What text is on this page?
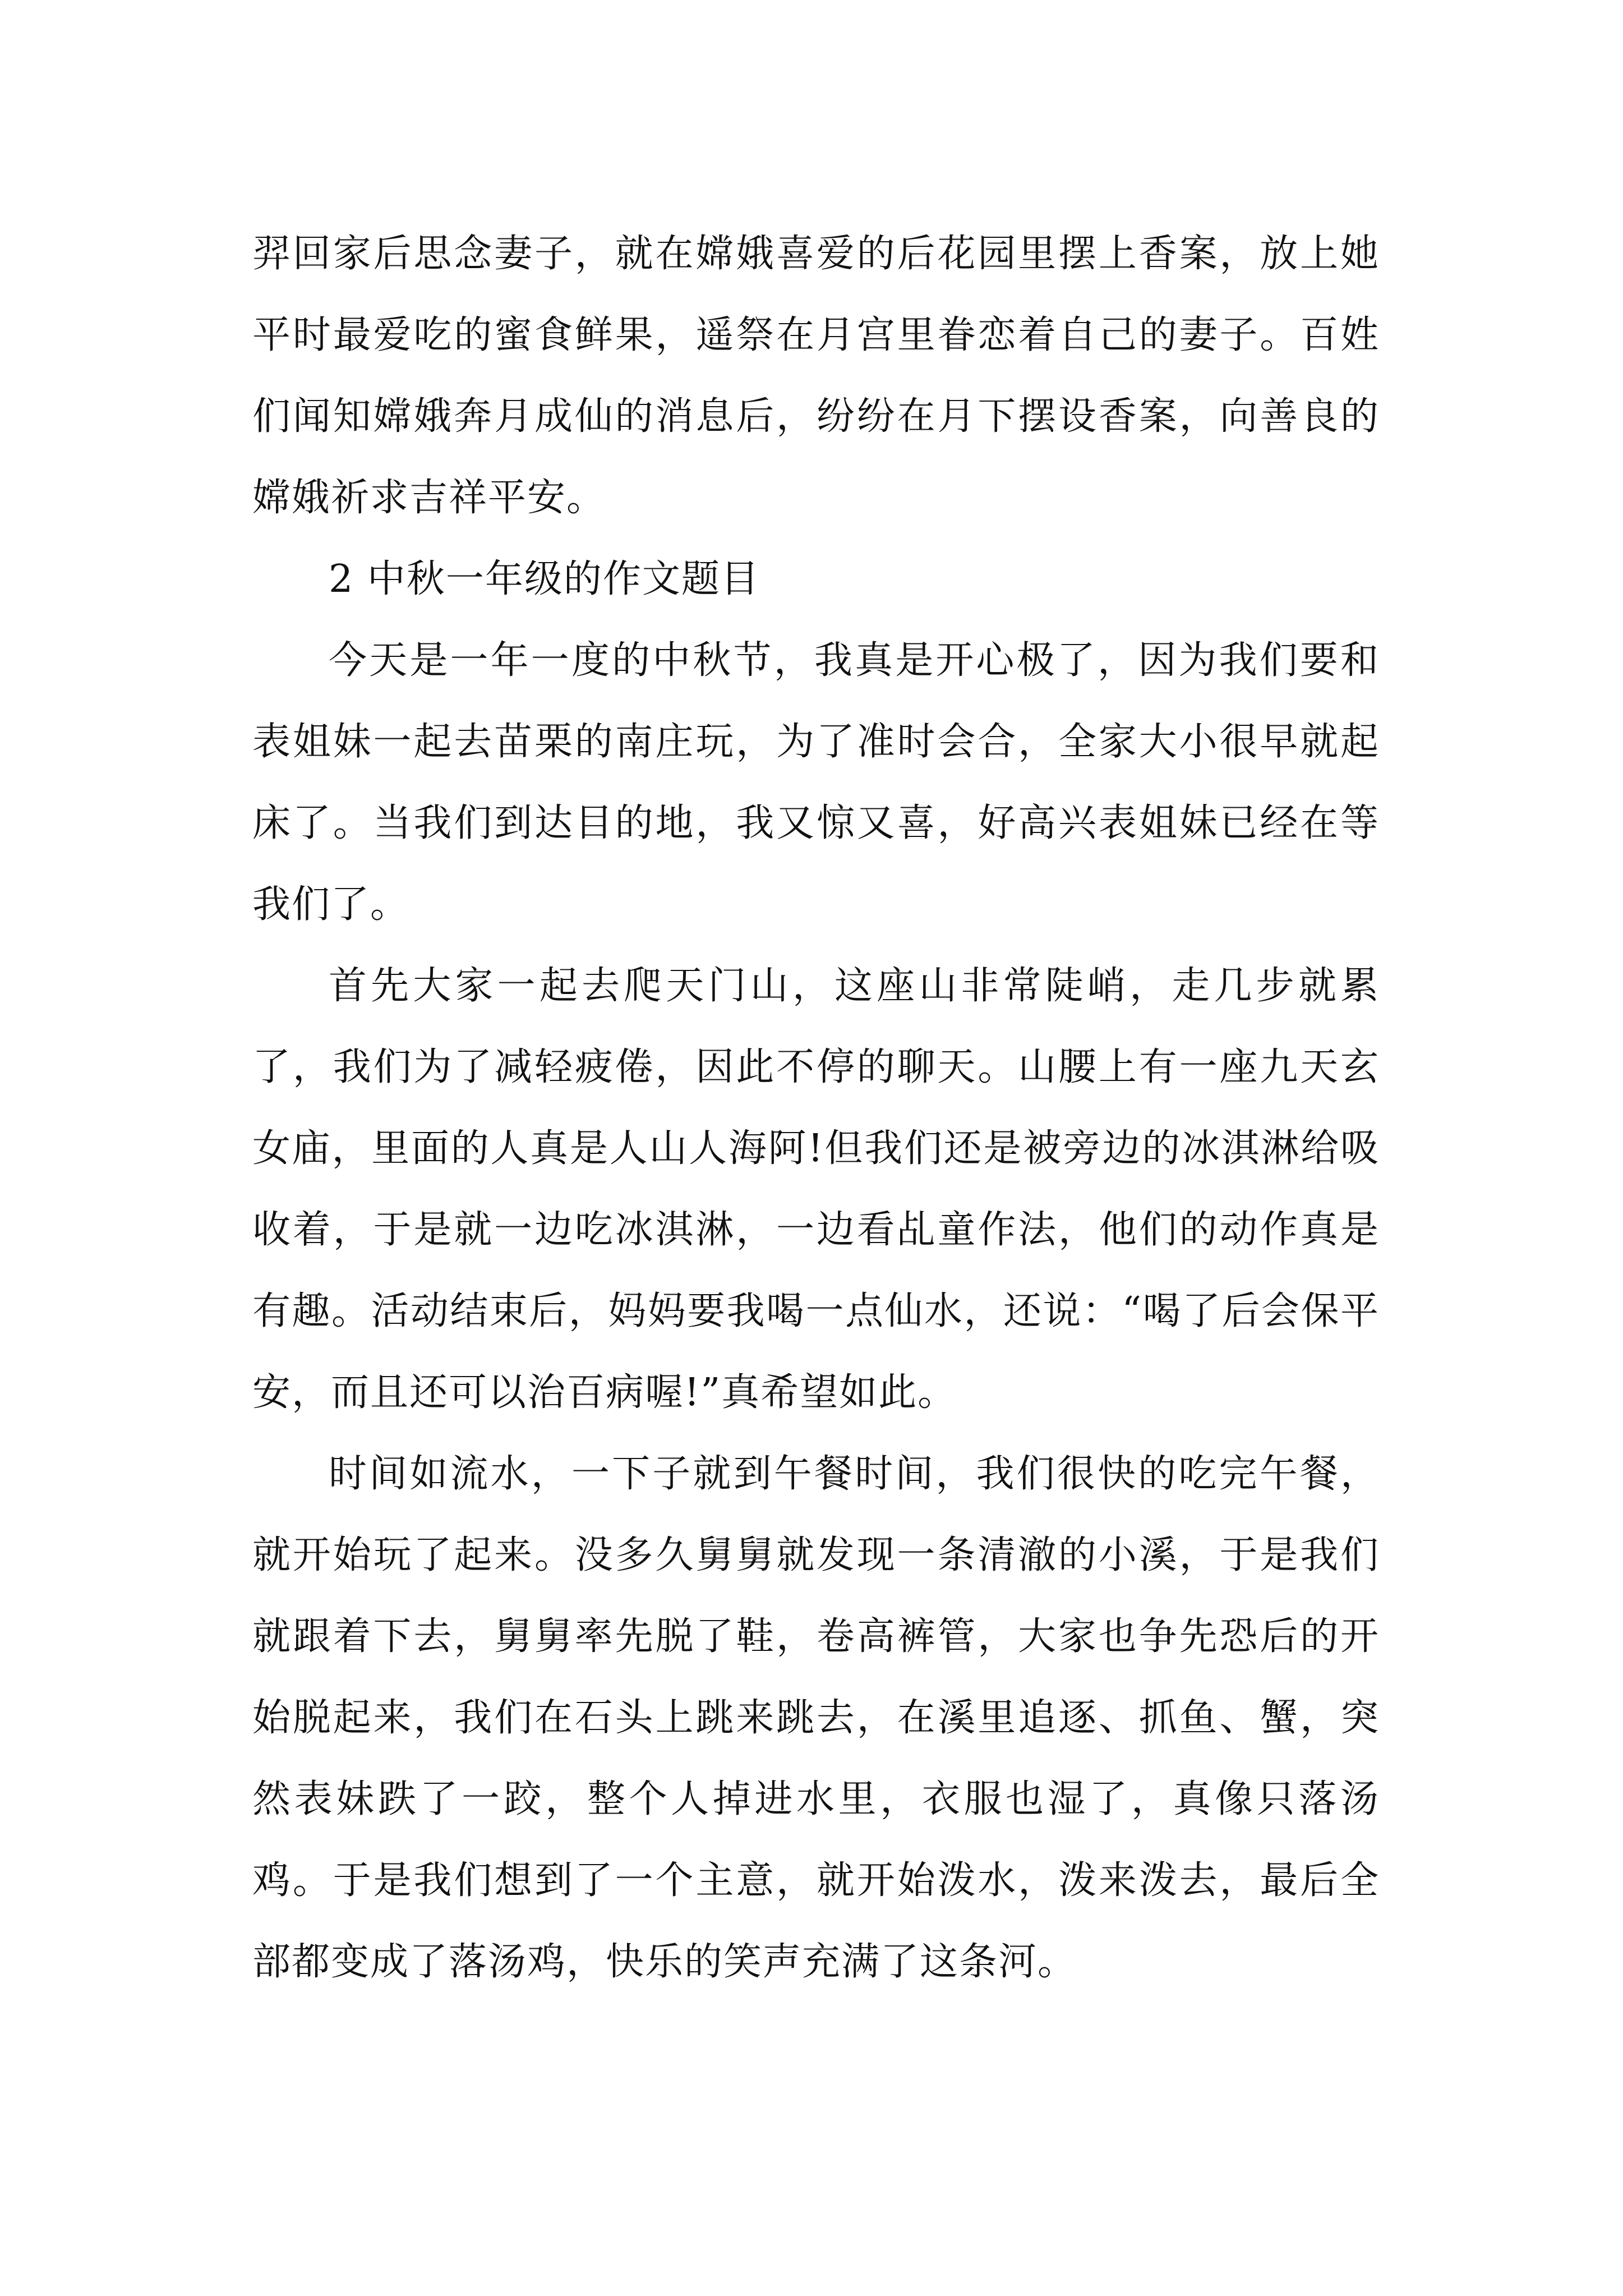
羿回家后思念妻子，就在嫦娥喜爱的后花园里摆上香案，放上她平时最爱吃的蜜食鲜果，遥祭在月宫里眷恋着自己的妻子。百姓们闻知嫦娥奔月成仙的消息后，纷纷在月下摆设香案，向善良的嫦娥祈求吉祥平安。

2 中秋一年级的作文题目

今天是一年一度的中秋节，我真是开心极了，因为我们要和表姐妹一起去苗栗的南庄玩，为了准时会合，全家大小很早就起床了。当我们到达目的地，我又惊又喜，好高兴表姐妹已经在等我们了。

首先大家一起去爬天门山，这座山非常陡峭，走几步就累了，我们为了减轻疲倦，因此不停的聊天。山腰上有一座九天玄女庙，里面的人真是人山人海阿!但我们还是被旁边的冰淇淋给吸收着，于是就一边吃冰淇淋，一边看乩童作法，他们的动作真是有趣。活动结束后，妈妈要我喝一点仙水，还说：“喝了后会保平安，而且还可以治百病喔!”真希望如此。

时间如流水，一下子就到午餐时间，我们很快的吃完午餐，就开始玩了起来。没多久舅舅就发现一条清澈的小溪，于是我们就跟着下去，舅舅率先脱了鞋，卷高裤管，大家也争先恐后的开始脱起来，我们在石头上跳来跳去，在溪里追逐、抓鱼、蟹，突然表妹跌了一跤，整个人掉进水里，衣服也湿了，真像只落汤鸡。于是我们想到了一个主意，就开始泼水，泼来泼去，最后全部都变成了落汤鸡，快乐的笑声充满了这条河。
